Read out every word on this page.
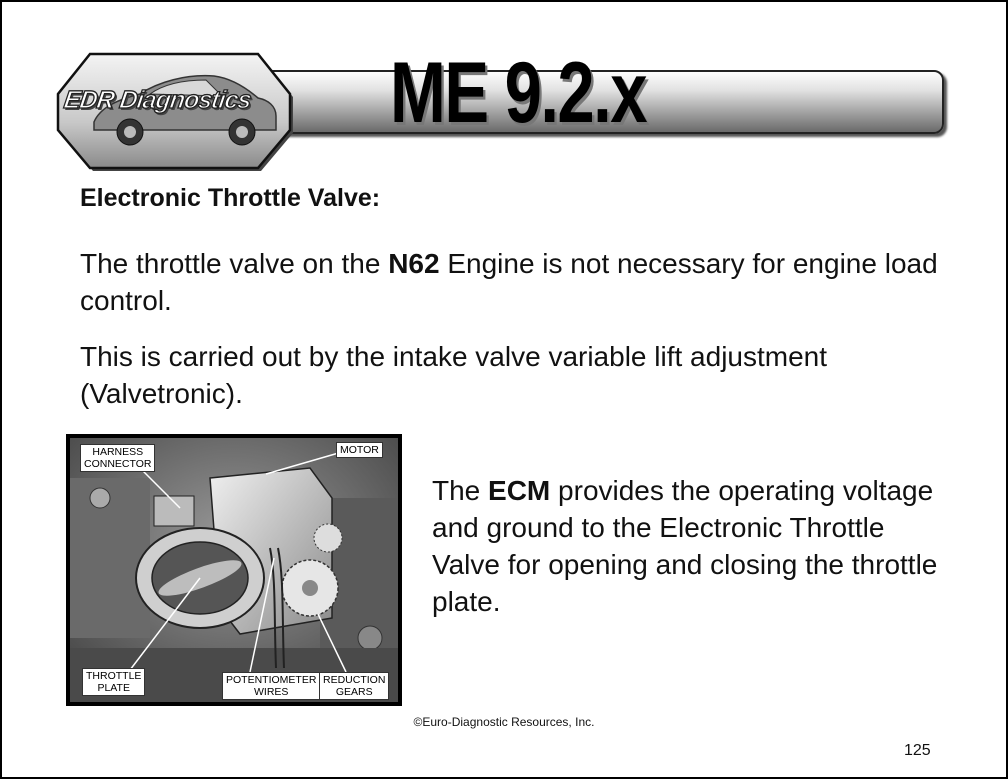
ME 9.2.x
EDR Diagnostics
Electronic Throttle Valve:

The throttle valve on the N62 Engine is not necessary for engine load control.

This is carried out by the intake valve variable lift adjustment (Valvetronic).

HARNESS
CONNECTOR
MOTOR
THROTTLE
PLATE
POTENTIOMETER
WIRES
REDUCTION
GEARS

The ECM provides the operating voltage and ground to the Electronic Throttle Valve for opening and closing the throttle plate.

©Euro-Diagnostic Resources, Inc.

125
